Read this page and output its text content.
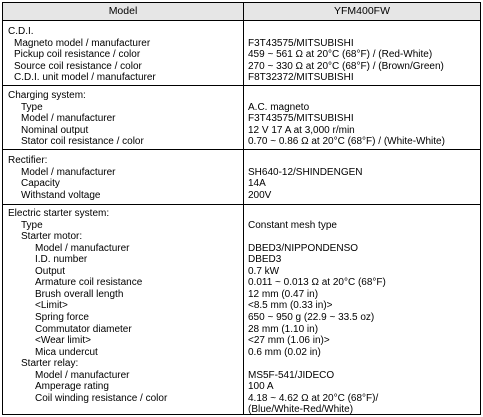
Model	YFM400FW
C.D.I.
Magneto model / manufacturer	F3T43575/MITSUBISHI
Pickup coil resistance / color	459 ~ 561 Ω at 20°C (68°F) / (Red-White)
Source coil resistance / color	270 ~ 330 Ω at 20°C (68°F) / (Brown/Green)
C.D.I. unit model / manufacturer	F8T32372/MITSUBISHI
Charging system:
Type	A.C. magneto
Model / manufacturer	F3T43575/MITSUBISHI
Nominal output	12 V 17 A at 3,000 r/min
Stator coil resistance / color	0.70 ~ 0.86 Ω at 20°C (68°F) / (White-White)
Rectifier:
Model / manufacturer	SH640-12/SHINDENGEN
Capacity	14A
Withstand voltage	200V
Electric starter system:
Type	Constant mesh type
Starter motor:
Model / manufacturer	DBED3/NIPPONDENSO
I.D. number	DBED3
Output	0.7 kW
Armature coil resistance	0.011 ~ 0.013 Ω at 20°C (68°F)
Brush overall length	12 mm (0.47 in)
<Limit>	<8.5 mm (0.33 in)>
Spring force	650 ~ 950 g (22.9 ~ 33.5 oz)
Commutator diameter	28 mm (1.10 in)
<Wear limit>	<27 mm (1.06 in)>
Mica undercut	0.6 mm (0.02 in)
Starter relay:
Model / manufacturer	MS5F-541/JIDECO
Amperage rating	100 A
Coil winding resistance / color	4.18 ~ 4.62 Ω at 20°C (68°F)/
(Blue/White-Red/White)
